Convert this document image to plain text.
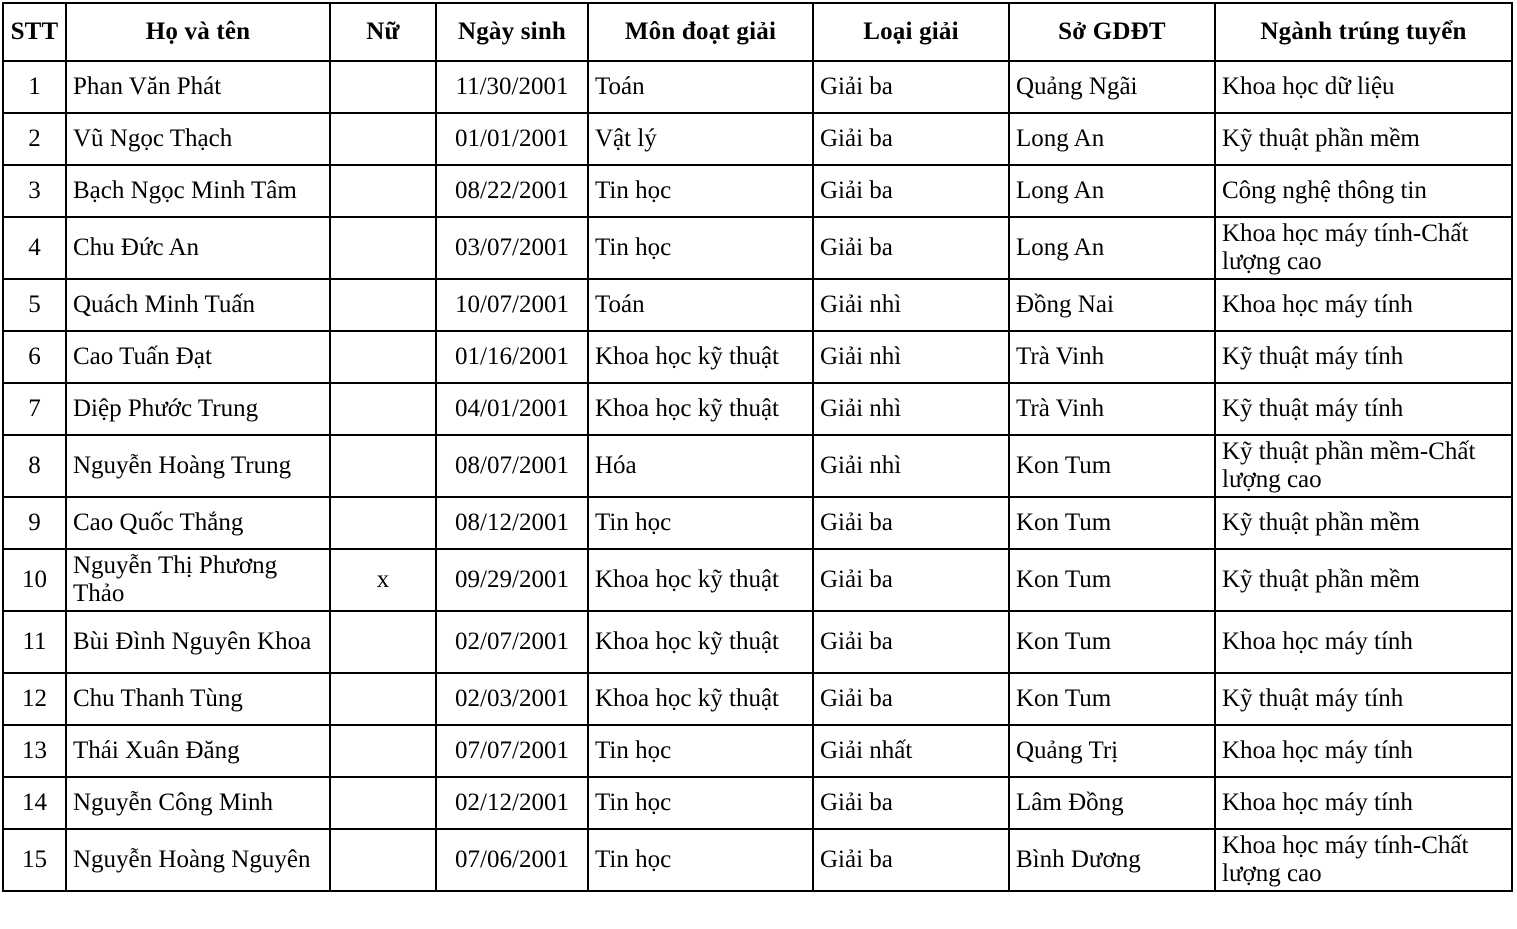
STT	Họ và tên	Nữ	Ngày sinh	Môn đoạt giải	Loại giải	Sở GDĐT	Ngành trúng tuyển
1	Phan Văn Phát		11/30/2001	Toán	Giải ba	Quảng Ngãi	Khoa học dữ liệu
2	Vũ Ngọc Thạch		01/01/2001	Vật lý	Giải ba	Long An	Kỹ thuật phần mềm
3	Bạch Ngọc Minh Tâm		08/22/2001	Tin học	Giải ba	Long An	Công nghệ thông tin
4	Chu Đức An		03/07/2001	Tin học	Giải ba	Long An	Khoa học máy tính-Chất lượng cao
5	Quách Minh Tuấn		10/07/2001	Toán	Giải nhì	Đồng Nai	Khoa học máy tính
6	Cao Tuấn Đạt		01/16/2001	Khoa học kỹ thuật	Giải nhì	Trà Vinh	Kỹ thuật máy tính
7	Diệp Phước Trung		04/01/2001	Khoa học kỹ thuật	Giải nhì	Trà Vinh	Kỹ thuật máy tính
8	Nguyễn Hoàng Trung		08/07/2001	Hóa	Giải nhì	Kon Tum	Kỹ thuật phần mềm-Chất lượng cao
9	Cao Quốc Thắng		08/12/2001	Tin học	Giải ba	Kon Tum	Kỹ thuật phần mềm
10	Nguyễn Thị Phương Thảo	x	09/29/2001	Khoa học kỹ thuật	Giải ba	Kon Tum	Kỹ thuật phần mềm
11	Bùi Đình Nguyên Khoa		02/07/2001	Khoa học kỹ thuật	Giải ba	Kon Tum	Khoa học máy tính
12	Chu Thanh Tùng		02/03/2001	Khoa học kỹ thuật	Giải ba	Kon Tum	Kỹ thuật máy tính
13	Thái Xuân Đăng		07/07/2001	Tin học	Giải nhất	Quảng Trị	Khoa học máy tính
14	Nguyễn Công Minh		02/12/2001	Tin học	Giải ba	Lâm Đồng	Khoa học máy tính
15	Nguyễn Hoàng Nguyên		07/06/2001	Tin học	Giải ba	Bình Dương	Khoa học máy tính-Chất lượng cao
